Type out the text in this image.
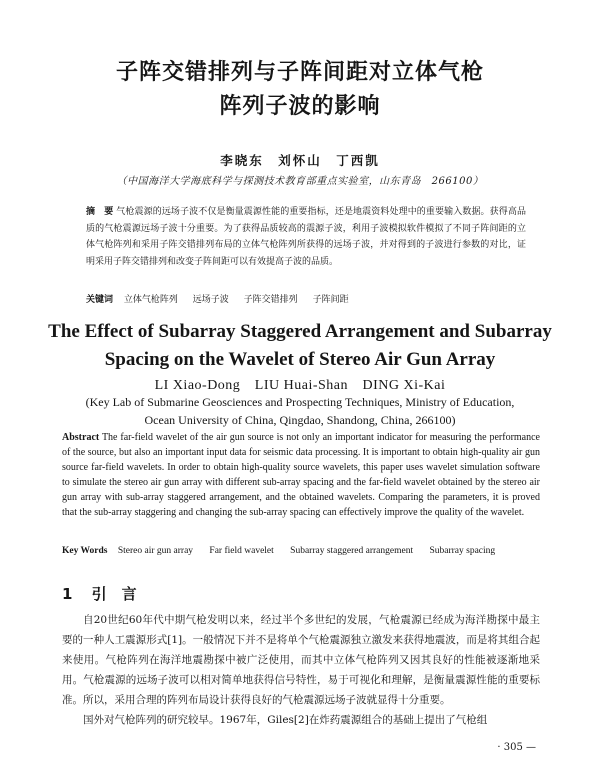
子阵交错排列与子阵间距对立体气枪
阵列子波的影响
李晓东　刘怀山　丁西凯
（中国海洋大学海底科学与探测技术教育部重点实验室，山东青岛　266100）
摘　要 气枪震源的远场子波不仅是衡量震源性能的重要指标，还是地震资料处理中的重要输入数据。获得高品质的气枪震源远场子波十分重要。为了获得品质较高的震源子波，利用子波模拟软件模拟了不同子阵间距的立体气枪阵列和采用子阵交错排列布局的立体气枪阵列所获得的远场子波，并对得到的子波进行参数的对比，证明采用子阵交错排列和改变子阵间距可以有效提高子波的品质。
关键词 立体气枪阵列 远场子波 子阵交错排列 子阵间距
The Effect of Subarray Staggered Arrangement and Subarray
Spacing on the Wavelet of Stereo Air Gun Array
LI Xiao-Dong　LIU Huai-Shan　DING Xi-Kai
(Key Lab of Submarine Geosciences and Prospecting Techniques, Ministry of Education,
Ocean University of China, Qingdao, Shandong, China, 266100)
Abstract The far-field wavelet of the air gun source is not only an important indicator for measuring the performance of the source, but also an important input data for seismic data processing. It is important to obtain high-quality air gun source far-field wavelets. In order to obtain high-quality source wavelets, this paper uses wavelet simulation software to simulate the stereo air gun array with different sub-array spacing and the far-field wavelet obtained by the stereo air gun array with sub-array staggered arrangement, and the obtained wavelets. Comparing the parameters, it is proved that the sub-array staggering and changing the sub-array spacing can effectively improve the quality of the wavelet.
Key Words Stereo air gun array Far field wavelet Subarray staggered arrangement Subarray spacing
1 引　言

自20世纪60年代中期气枪发明以来，经过半个多世纪的发展，气枪震源已经成为海洋勘探中最主要的一种人工震源形式[1]。一般情况下并不是将单个气枪震源独立激发来获得地震波，而是将其组合起来使用。气枪阵列在海洋地震勘探中被广泛使用，而其中立体气枪阵列又因其良好的性能被逐渐地采用。气枪震源的远场子波可以相对简单地获得信号特性，易于可视化和理解，是衡量震源性能的重要标准。所以，采用合理的阵列布局设计获得良好的气枪震源远场子波就显得十分重要。

国外对气枪阵列的研究较早。1967年，Giles[2]在炸药震源组合的基础上提出了气枪组

· 305 —
